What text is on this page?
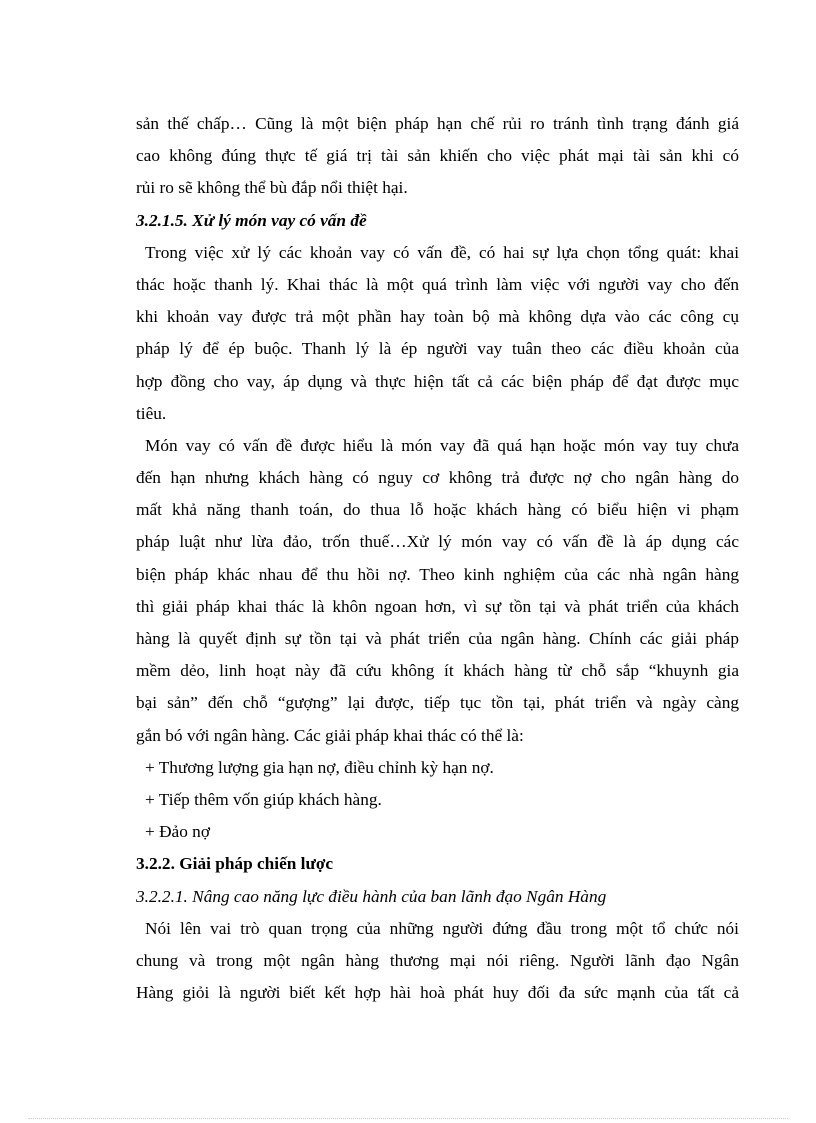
sản thế chấp… Cũng là một biện pháp hạn chế rủi ro tránh tình trạng đánh giá
cao không đúng thực tế giá trị tài sản khiến cho việc phát mại tài sản khi có
rủi ro sẽ không thể bù đắp nổi thiệt hại.
3.2.1.5. Xử lý món vay có vấn đề
Trong việc xử lý các khoản vay có vấn đề, có hai sự lựa chọn tổng quát: khai
thác hoặc thanh lý. Khai thác là một quá trình làm việc với người vay cho đến
khi khoản vay được trả một phần hay toàn bộ mà không dựa vào các công cụ
pháp lý để ép buộc. Thanh lý là ép người vay tuân theo các điều khoản của
hợp đồng cho vay, áp dụng và thực hiện tất cả các biện pháp để đạt được mục
tiêu.
Món vay có vấn đề được hiểu là món vay đã quá hạn hoặc món vay tuy chưa
đến hạn nhưng khách hàng có nguy cơ không trả được nợ cho ngân hàng do
mất khả năng thanh toán, do thua lỗ hoặc khách hàng có biểu hiện vi phạm
pháp luật như lừa đảo, trốn thuế…Xử lý món vay có vấn đề là áp dụng các
biện pháp khác nhau để thu hồi nợ. Theo kinh nghiệm của các nhà ngân hàng
thì giải pháp khai thác là khôn ngoan hơn, vì sự tồn tại và phát triển của khách
hàng là quyết định sự tồn tại và phát triển của ngân hàng. Chính các giải pháp
mềm dẻo, linh hoạt này đã cứu không ít khách hàng từ chỗ sắp “khuynh gia
bại sản” đến chỗ “gượng” lại được, tiếp tục tồn tại, phát triển và ngày càng
gắn bó với ngân hàng. Các giải pháp khai thác có thể là:
+ Thương lượng gia hạn nợ, điều chỉnh kỳ hạn nợ.
+ Tiếp thêm vốn giúp khách hàng.
+ Đảo nợ
3.2.2. Giải pháp chiến lược
3.2.2.1. Nâng cao năng lực điều hành của ban lãnh đạo Ngân Hàng
Nói lên vai trò quan trọng của những người đứng đầu trong một tổ chức nói
chung và trong một ngân hàng thương mại nói riêng. Người lãnh đạo Ngân
Hàng giỏi là người biết kết hợp hài hoà phát huy đối đa sức mạnh của tất cả
